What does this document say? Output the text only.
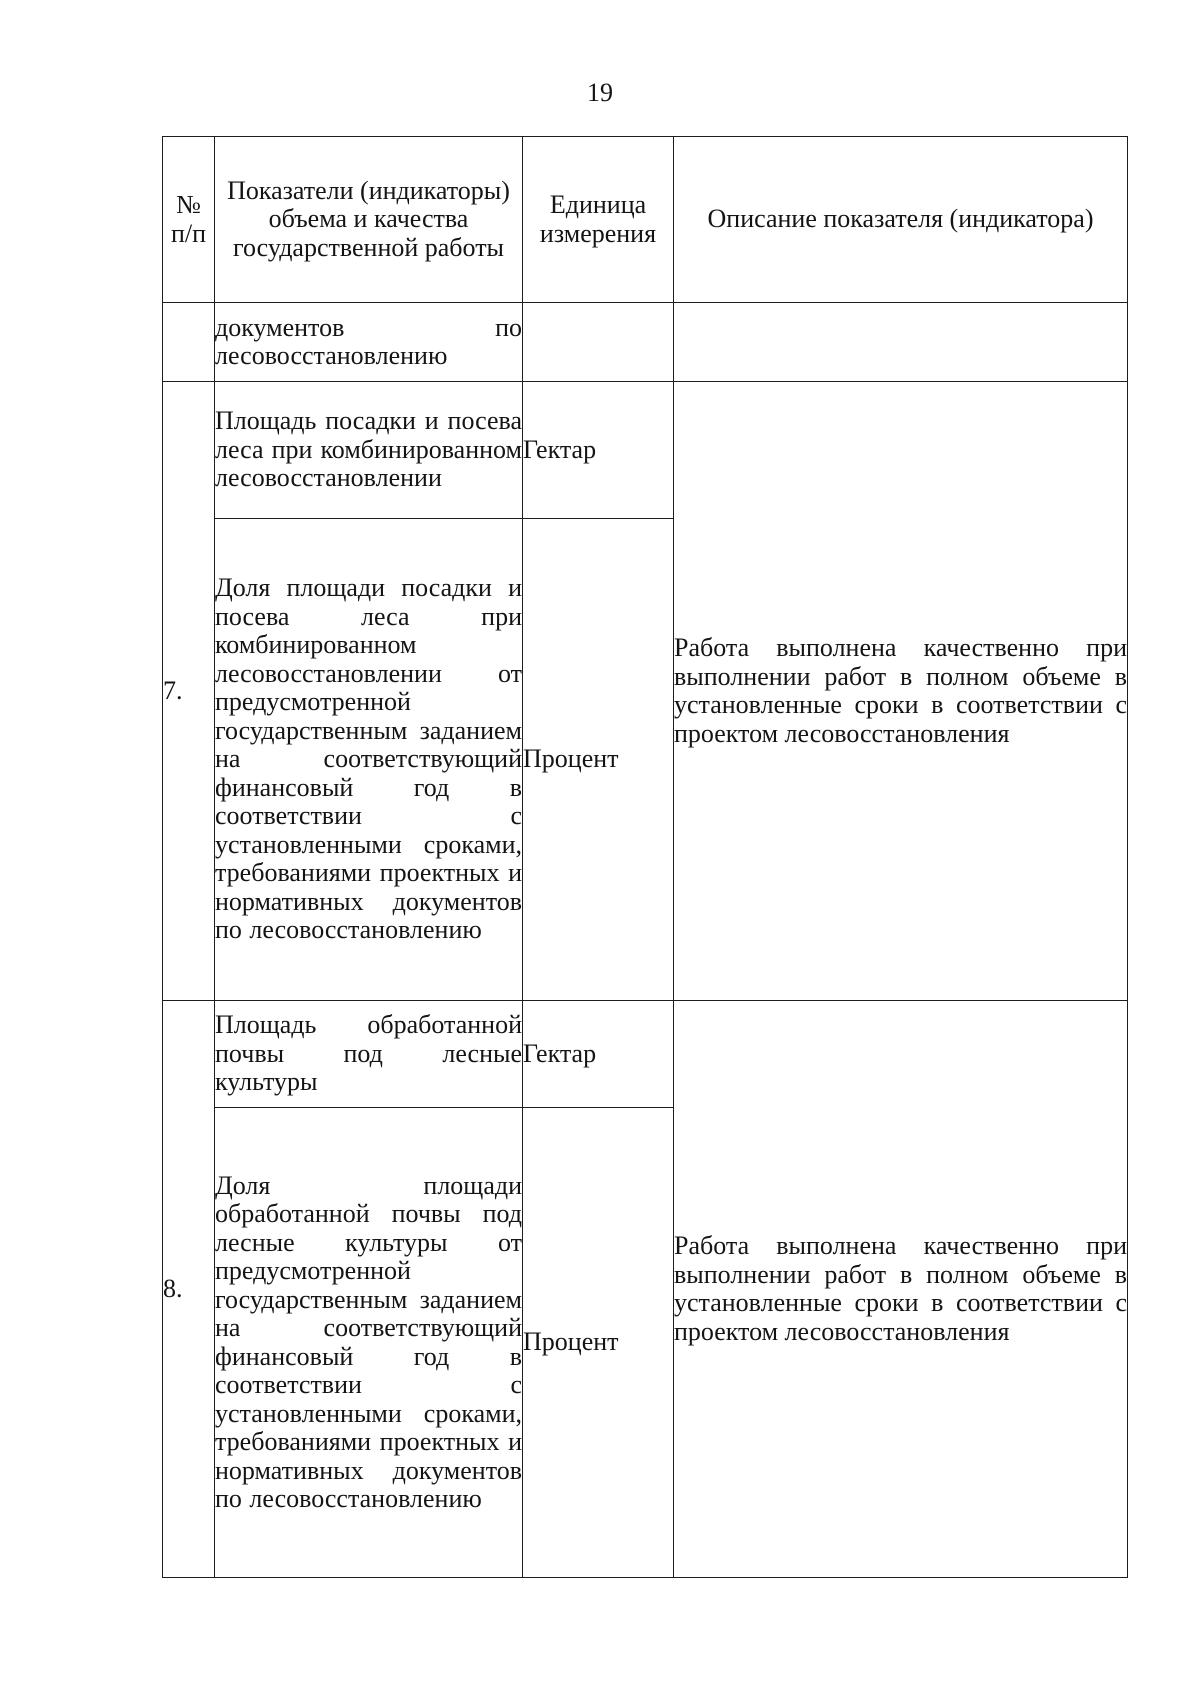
19
№ п/п	Показатели (индикаторы) объема и качества государственной работы	Единица измерения	Описание показателя (индикатора)
	документов по лесовосстановлению		
7.	Площадь посадки и посева леса при комбинированном лесовосстановлении	Гектар	Работа выполнена качественно при выполнении работ в полном объеме в установленные сроки в соответствии с проектом лесовосстановления
	Доля площади посадки и посева леса при комбинированном лесовосстановлении от предусмотренной государственным заданием на соответствующий финансовый год в соответствии с установленными сроками, требованиями проектных и нормативных документов по лесовосстановлению	Процент	
8.	Площадь обработанной почвы под лесные культуры	Гектар	Работа выполнена качественно при выполнении работ в полном объеме в установленные сроки в соответствии с проектом лесовосстановления
	Доля площади обработанной почвы под лесные культуры от предусмотренной государственным заданием на соответствующий финансовый год в соответствии с установленными сроками, требованиями проектных и нормативных документов по лесовосстановлению	Процент	
